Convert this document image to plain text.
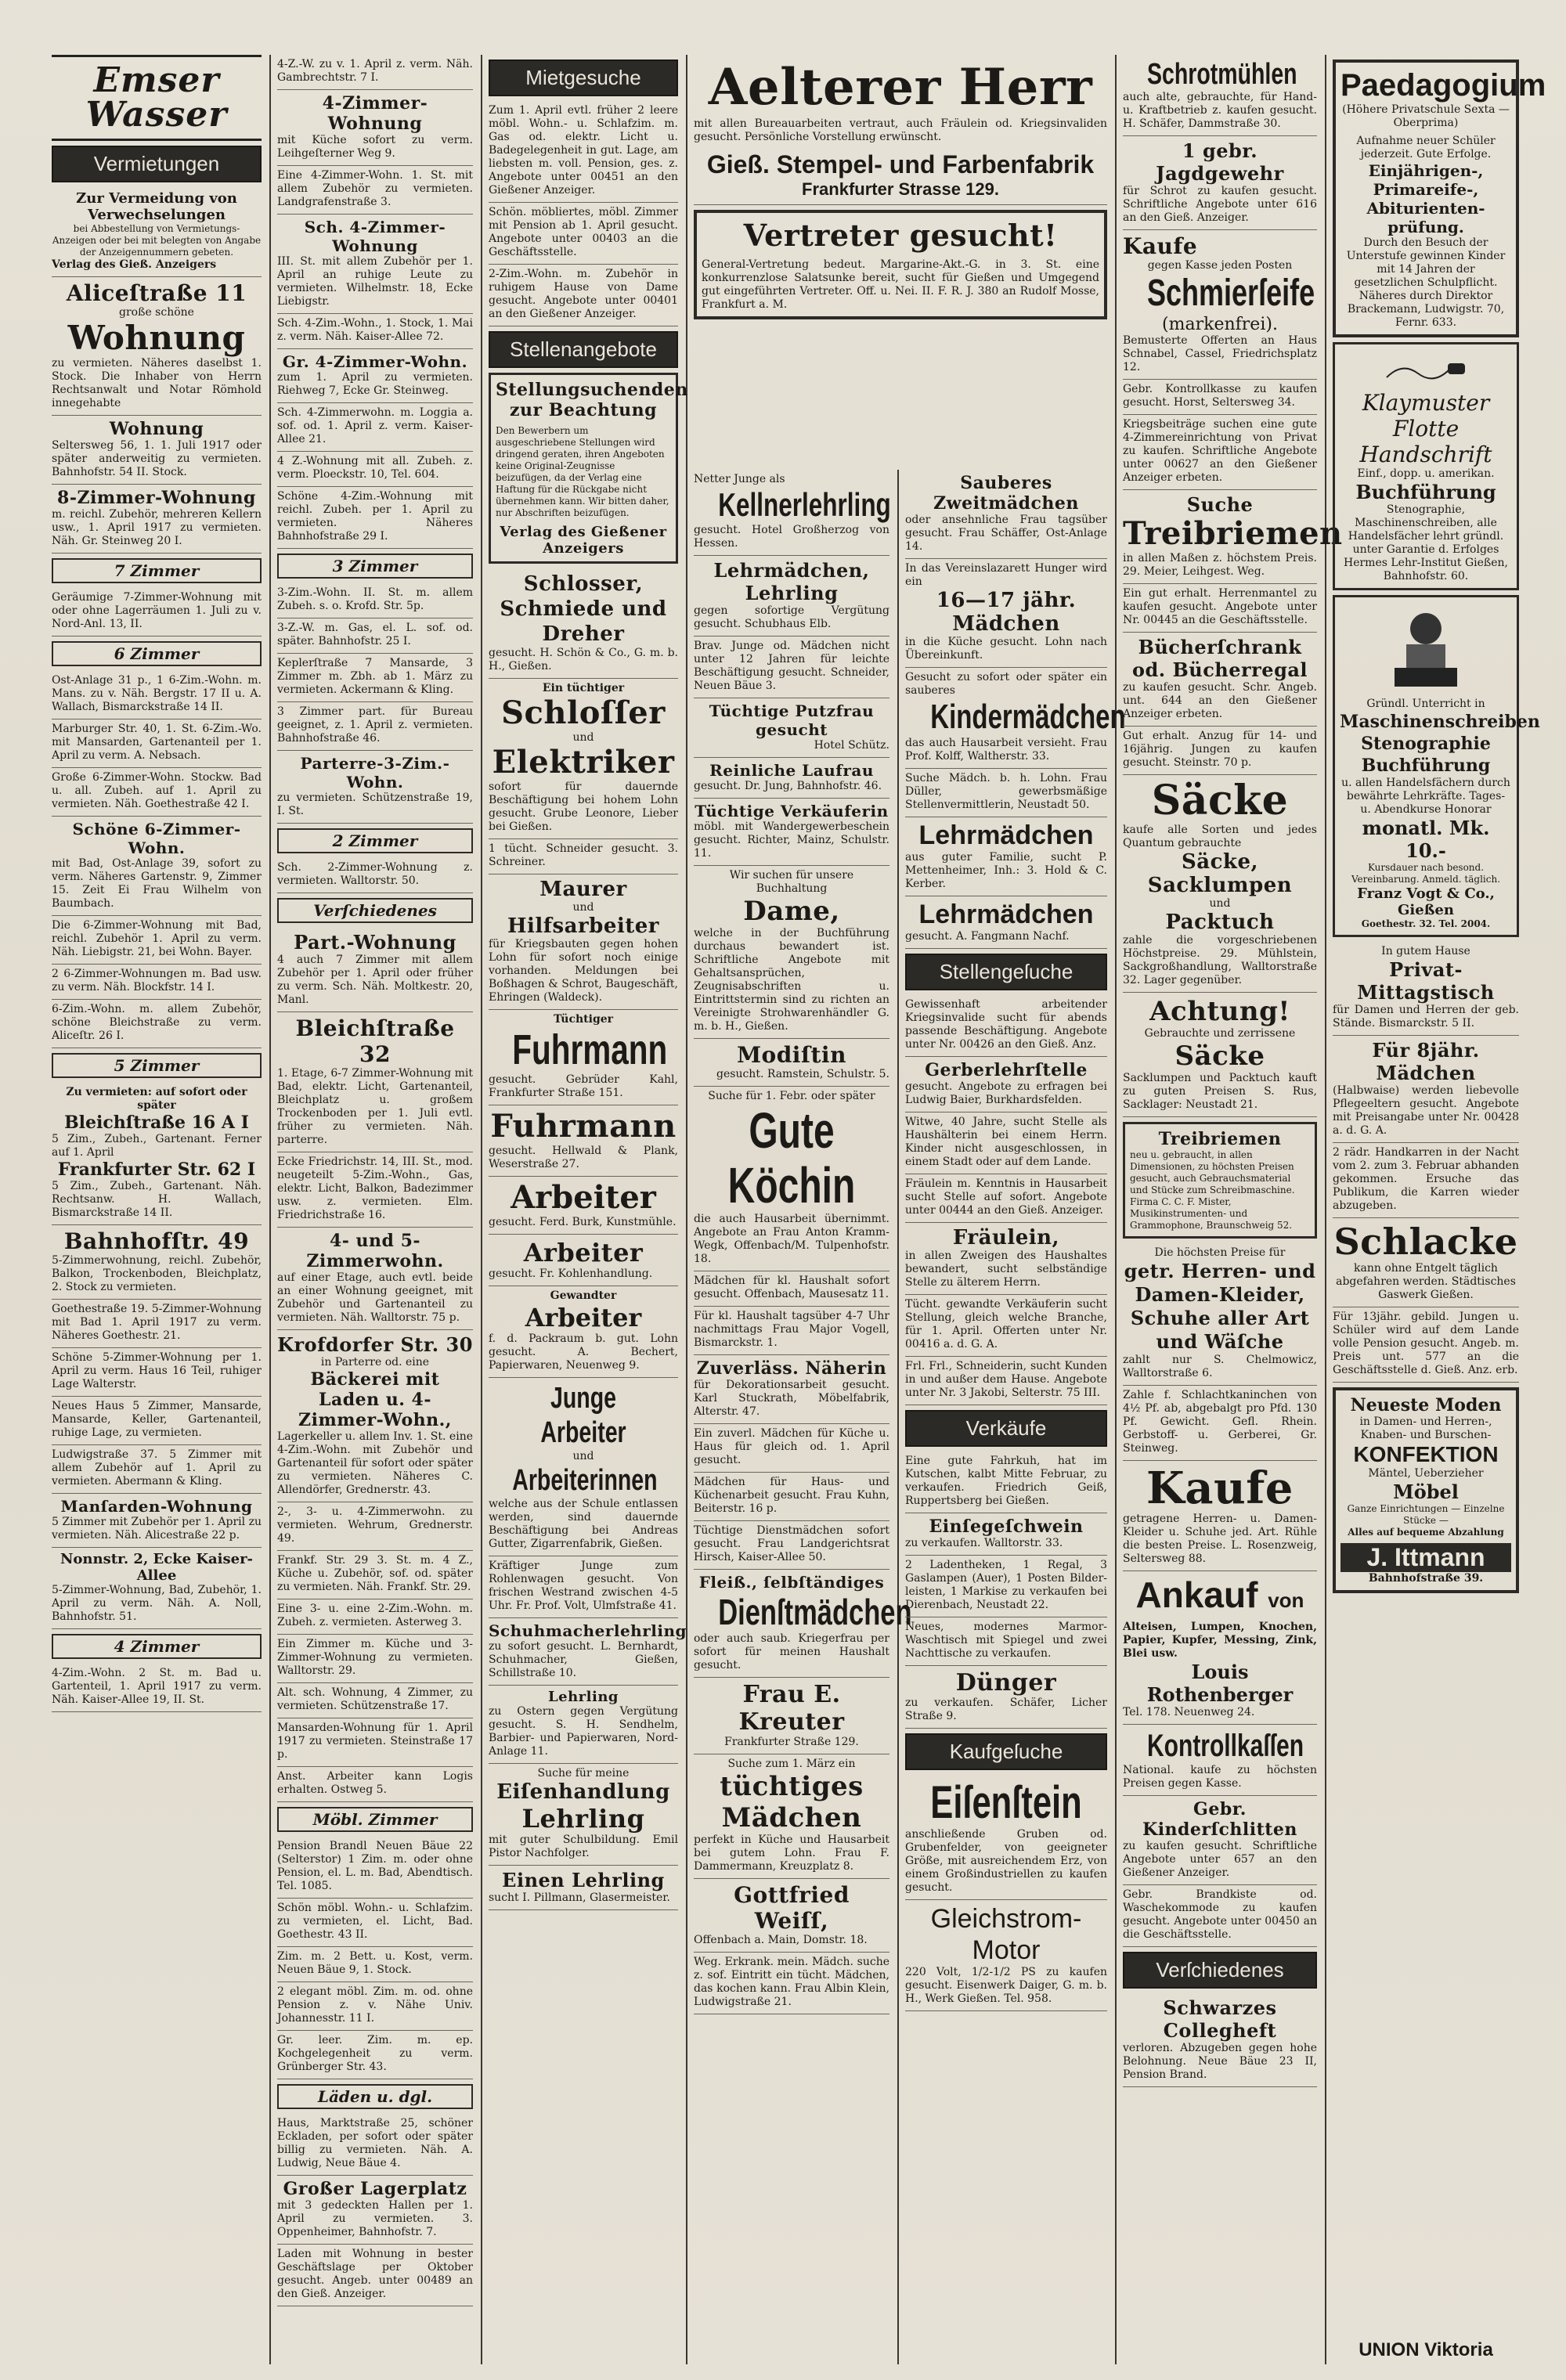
Emser Wasser
Vermietungen
Zur Vermeidung von Verwechselungen
bei Abbestellung von Vermietungs-Anzeigen oder bei mit belegten von Angabe der Anzeigennummern gebeten.
Verlag des Gieß. Anzeigers
Aliceſtraße 11
große schöne
Wohnung
zu vermieten. Näheres daselbst 1. Stock. Die Inhaber von Herrn Rechtsanwalt und Notar Römhold innegehabte
Wohnung
Seltersweg 56, 1. 1. Juli 1917 oder später anderweitig zu vermieten. Bahnhofstr. 54 II. Stock.
8-Zimmer-Wohnung
m. reichl. Zubehör, mehreren Kellern usw., 1. April 1917 zu vermieten. Näh. Gr. Steinweg 20 I.
7 Zimmer
Geräumige 7-Zimmer-Wohnung mit oder ohne Lagerräumen 1. Juli zu v. Nord-Anl. 13, II.
6 Zimmer
Ost-Anlage 31 p., 1 6-Zim.-Wohn. m. Mans. zu v. Näh. Bergstr. 17 II u. A. Wallach, Bismarckstraße 14 II.
Marburger Str. 40, 1. St. 6-Zim.-Wo. mit Mansarden, Gartenanteil per 1. April zu verm. A. Nebsach.
Große 6-Zimmer-Wohn. Stockw. Bad u. all. Zubeh. auf 1. April zu vermieten. Näh. Goethestraße 42 I.
Schöne 6-Zimmer-Wohn.
mit Bad, Ost-Anlage 39, sofort zu verm. Näheres Gartenstr. 9, Zimmer 15. Zeit Ei Frau Wilhelm von Baumbach.
Die 6-Zimmer-Wohnung mit Bad, reichl. Zubehör 1. April zu verm. Näh. Liebigstr. 21, bei Wohn. Bayer.
2 6-Zimmer-Wohnungen m. Bad usw. zu verm. Näh. Blockfstr. 14 I.
6-Zim.-Wohn. m. allem Zubehör, schöne Bleichstraße zu verm. Aliceſtr. 26 I.
5 Zimmer
Zu vermieten: auf sofort oder später
Bleichſtraße 16 A I
5 Zim., Zubeh., Gartenant. Ferner auf 1. April
Frankfurter Str. 62 I
5 Zim., Zubeh., Gartenant. Näh. Rechtsanw. H. Wallach, Bismarckstraße 14 II.
Bahnhofſtr. 49
5-Zimmerwohnung, reichl. Zubehör, Balkon, Trockenboden, Bleichplatz, 2. Stock zu vermieten.
Goethestraße 19. 5-Zimmer-Wohnung mit Bad 1. April 1917 zu verm. Näheres Goethestr. 21.
Schöne 5-Zimmer-Wohnung per 1. April zu verm. Haus 16 Teil, ruhiger Lage Walterstr.
Neues Haus 5 Zimmer, Mansarde, Mansarde, Keller, Gartenanteil, ruhige Lage, zu vermieten.
Ludwigstraße 37. 5 Zimmer mit allem Zubehör auf 1. April zu vermieten. Abermann & Kling.
Manſarden-Wohnung
5 Zimmer mit Zubehör per 1. April zu vermieten. Näh. Alicestraße 22 p.
Nonnstr. 2, Ecke Kaiser-Allee
5-Zimmer-Wohnung, Bad, Zubehör, 1. April zu verm. Näh. A. Noll, Bahnhofstr. 51.
4 Zimmer
4-Zim.-Wohn. 2 St. m. Bad u. Gartenteil, 1. April 1917 zu verm. Näh. Kaiser-Allee 19, II. St.
4-Z.-W. zu v. 1. April z. verm. Näh. Gambrechtstr. 7 I.
4-Zimmer-Wohnung
mit Küche sofort zu verm. Leihgeſterner Weg 9.
Eine 4-Zimmer-Wohn. 1. St. mit allem Zubehör zu vermieten. Landgrafenstraße 3.
Sch. 4-Zimmer-Wohnung
III. St. mit allem Zubehör per 1. April an ruhige Leute zu vermieten. Wilhelmstr. 18, Ecke Liebigstr.
Sch. 4-Zim.-Wohn., 1. Stock, 1. Mai z. verm. Näh. Kaiser-Allee 72.
Gr. 4-Zimmer-Wohn.
zum 1. April zu vermieten. Riehweg 7, Ecke Gr. Steinweg.
Sch. 4-Zimmerwohn. m. Loggia a. sof. od. 1. April z. verm. Kaiser-Allee 21.
4 Z.-Wohnung mit all. Zubeh. z. verm. Ploeckstr. 10, Tel. 604.
Schöne 4-Zim.-Wohnung mit reichl. Zubeh. per 1. April zu vermieten. Näheres Bahnhofstraße 29 I.
3 Zimmer
3-Zim.-Wohn. II. St. m. allem Zubeh. s. o. Krofd. Str. 5p.
3-Z.-W. m. Gas, el. L. sof. od. später. Bahnhofstr. 25 I.
Keplerſtraße 7 Mansarde, 3 Zimmer m. Zbh. ab 1. März zu vermieten. Ackermann & Kling.
3 Zimmer part. für Bureau geeignet, z. 1. April z. vermieten. Bahnhofstraße 46.
Parterre-3-Zim.-Wohn.
zu vermieten. Schützenstraße 19, I. St.
2 Zimmer
Sch. 2-Zimmer-Wohnung z. vermieten. Walltorstr. 50.
Verſchiedenes
Part.-Wohnung
4 auch 7 Zimmer mit allem Zubehör per 1. April oder früher zu verm. Sch. Näh. Moltkestr. 20, Manl.
Bleichſtraße 32
1. Etage, 6-7 Zimmer-Wohnung mit Bad, elektr. Licht, Gartenanteil, Bleichplatz u. großem Trockenboden per 1. Juli evtl. früher zu vermieten. Näh. parterre.
Ecke Friedrichstr. 14, III. St., mod. neugeteilt 5-Zim.-Wohn., Gas, elektr. Licht, Balkon, Badezimmer usw. z. vermieten. Elm. Friedrichstraße 16.
4- und 5-Zimmerwohn.
auf einer Etage, auch evtl. beide an einer Wohnung geeignet, mit Zubehör und Gartenanteil zu vermieten. Näh. Walltorstr. 75 p.
Krofdorfer Str. 30
in Parterre od. eine
Bäckerei mit Laden u. 4-Zimmer-Wohn.,
Lagerkeller u. allem Inv. 1. St. eine 4-Zim.-Wohn. mit Zubehör und Gartenanteil für sofort oder später zu vermieten. Näheres C. Allendörfer, Grednerstr. 43.
2-, 3- u. 4-Zimmerwohn. zu vermieten. Wehrum, Grednerstr. 49.
Frankf. Str. 29 3. St. m. 4 Z., Küche u. Zubehör, sof. od. später zu vermieten. Näh. Frankf. Str. 29.
Eine 3- u. eine 2-Zim.-Wohn. m. Zubeh. z. vermieten. Asterweg 3.
Ein Zimmer m. Küche und 3-Zimmer-Wohnung zu vermieten. Walltorstr. 29.
Alt. sch. Wohnung, 4 Zimmer, zu vermieten. Schützenstraße 17.
Mansarden-Wohnung für 1. April 1917 zu vermieten. Steinstraße 17 p.
Anst. Arbeiter kann Logis erhalten. Ostweg 5.
Möbl. Zimmer
Pension Brandl Neuen Bäue 22 (Selterstor) 1 Zim. m. oder ohne Pension, el. L. m. Bad, Abendtisch. Tel. 1085.
Schön möbl. Wohn.- u. Schlafzim. zu vermieten, el. Licht, Bad. Goethestr. 43 II.
Zim. m. 2 Bett. u. Kost, verm. Neuen Bäue 9, 1. Stock.
2 elegant möbl. Zim. m. od. ohne Pension z. v. Nähe Univ. Johannesstr. 11 I.
Gr. leer. Zim. m. ep. Kochgelegenheit zu verm. Grünberger Str. 43.
Läden u. dgl.
Haus, Marktstraße 25, schöner Eckladen, per sofort oder später billig zu vermieten. Näh. A. Ludwig, Neue Bäue 4.
Großer Lagerplatz
mit 3 gedeckten Hallen per 1. April zu vermieten. 3. Oppenheimer, Bahnhofstr. 7.
Laden mit Wohnung in bester Geschäftslage per Oktober gesucht. Angeb. unter 00489 an den Gieß. Anzeiger.
Mietgesuche
Zum 1. April evtl. früher 2 leere möbl. Wohn.- u. Schlafzim. m. Gas od. elektr. Licht u. Badegelegenheit in gut. Lage, am liebsten m. voll. Pension, ges. z. Angebote unter 00451 an den Gießener Anzeiger.
Schön. möbliertes, möbl. Zimmer mit Pension ab 1. April gesucht. Angebote unter 00403 an die Geschäftsstelle.
2-Zim.-Wohn. m. Zubehör in ruhigem Hause von Dame gesucht. Angebote unter 00401 an den Gießener Anzeiger.
Stellenangebote
Stellungsuchenden zur Beachtung
Den Bewerbern um ausgeschriebene Stellungen wird dringend geraten, ihren Angeboten keine Original-Zeugnisse beizufügen, da der Verlag eine Haftung für die Rückgabe nicht übernehmen kann. Wir bitten daher, nur Abschriften beizufügen.
Verlag des Gießener Anzeigers
Schlosser, Schmiede und Dreher
gesucht. H. Schön & Co., G. m. b. H., Gießen.
Ein tüchtiger
Schloſſer
und
Elektriker
sofort für dauernde Beschäftigung bei hohem Lohn gesucht. Grube Leonore, Lieber bei Gießen.
1 tücht. Schneider gesucht. 3. Schreiner.
Maurer
und
Hilfsarbeiter
für Kriegsbauten gegen hohen Lohn für sofort noch einige vorhanden. Meldungen bei Boßhagen & Schrot, Baugeschäft, Ehringen (Waldeck).
Tüchtiger
Fuhrmann
gesucht. Gebrüder Kahl, Frankfurter Straße 151.
Fuhrmann
gesucht. Hellwald & Plank, Weserstraße 27.
Arbeiter
gesucht. Ferd. Burk, Kunstmühle.
Arbeiter
gesucht. Fr. Kohlenhandlung.
Gewandter
Arbeiter
f. d. Packraum b. gut. Lohn gesucht. A. Bechert, Papierwaren, Neuenweg 9.
Junge Arbeiter
und
Arbeiterinnen
welche aus der Schule entlassen werden, sind dauernde Beschäftigung bei Andreas Gutter, Zigarrenfabrik, Gießen.
Kräftiger Junge zum Rohlenwagen gesucht. Von frischen Westrand zwischen 4-5 Uhr. Fr. Prof. Volt, Ulmfstraße 41.
Schuhmacherlehrling
zu sofort gesucht. L. Bernhardt, Schuhmacher, Gießen, Schillstraße 10.
Lehrling
zu Ostern gegen Vergütung gesucht. S. H. Sendhelm, Barbier- und Papierwaren, Nord-Anlage 11.
Suche für meine
Eiſenhandlung
Lehrling
mit guter Schulbildung. Emil Pistor Nachfolger.
Einen Lehrling
sucht I. Pillmann, Glasermeister.
Aelterer Herr
mit allen Bureauarbeiten vertraut, auch Fräulein od. Kriegsinvaliden gesucht. Persönliche Vorstellung erwünscht.
Gieß. Stempel- und Farbenfabrik
Frankfurter Strasse 129.
Vertreter gesucht!
General-Vertretung bedeut. Margarine-Akt.-G. in 3. St. eine konkurrenzlose Salatsunke bereit, sucht für Gießen und Umgegend gut eingeführten Vertreter. Off. u. Nei. II. F. R. J. 380 an Rudolf Mosse, Frankfurt a. M.
Netter Junge als
Kellnerlehrling
gesucht. Hotel Großherzog von Hessen.
Lehrmädchen, Lehrling
gegen sofortige Vergütung gesucht. Schubhaus Elb.
Brav. Junge od. Mädchen nicht unter 12 Jahren für leichte Beschäftigung gesucht. Schneider, Neuen Bäue 3.
Tüchtige Putzfrau gesucht
Hotel Schütz.
Reinliche Laufrau
gesucht. Dr. Jung, Bahnhofstr. 46.
Tüchtige Verkäuferin
möbl. mit Wandergewerbeschein gesucht. Richter, Mainz, Schulstr. 11.
Wir suchen für unsere Buchhaltung
Dame,
welche in der Buchführung durchaus bewandert ist. Schriftliche Angebote mit Gehaltsansprüchen, Zeugnisabschriften u. Eintrittstermin sind zu richten an Vereinigte Strohwarenhändler G. m. b. H., Gießen.
Modiſtin
gesucht. Ramstein, Schulstr. 5.
Suche für 1. Febr. oder später
Gute Köchin
die auch Hausarbeit übernimmt. Angebote an Frau Anton Kramm-Wegk, Offenbach/M. Tulpenhofstr. 18.
Mädchen für kl. Haushalt sofort gesucht. Offenbach, Mausesatz 11.
Für kl. Haushalt tagsüber 4-7 Uhr nachmittags Frau Major Vogell, Bismarckstr. 1.
Zuverläss. Näherin
für Dekorationsarbeit gesucht. Karl Stuckrath, Möbelfabrik, Alterstr. 47.
Ein zuverl. Mädchen für Küche u. Haus für gleich od. 1. April gesucht.
Mädchen für Haus- und Küchenarbeit gesucht. Frau Kuhn, Beiterstr. 16 p.
Tüchtige Dienstmädchen sofort gesucht. Frau Landgerichtsrat Hirsch, Kaiser-Allee 50.
Fleiß., ſelbſtändiges
Dienſtmädchen
oder auch saub. Kriegerfrau per sofort für meinen Haushalt gesucht.
Frau E. Kreuter
Frankfurter Straße 129.
Suche zum 1. März ein
tüchtiges Mädchen
perfekt in Küche und Hausarbeit bei gutem Lohn. Frau F. Dammermann, Kreuzplatz 8.
Gottfried Weiſſ,
Offenbach a. Main, Domstr. 18.
Weg. Erkrank. mein. Mädch. suche z. sof. Eintritt ein tücht. Mädchen, das kochen kann. Frau Albin Klein, Ludwigstraße 21.
Sauberes Zweitmädchen
oder ansehnliche Frau tagsüber gesucht. Frau Schäffer, Ost-Anlage 14.
In das Vereinslazarett Hunger wird ein
16—17 jähr. Mädchen
in die Küche gesucht. Lohn nach Übereinkunft.
Gesucht zu sofort oder später ein sauberes
Kindermädchen
das auch Hausarbeit versieht. Frau Prof. Kolff, Waltherstr. 33.
Suche Mädch. b. h. Lohn. Frau Düller, gewerbsmäßige Stellenvermittlerin, Neustadt 50.
Lehrmädchen
aus guter Familie, sucht P. Mettenheimer, Inh.: 3. Hold & C. Kerber.
Lehrmädchen
gesucht. A. Fangmann Nachf.
Stellengeſuche
Gewissenhaft arbeitender Kriegsinvalide sucht für abends passende Beschäftigung. Angebote unter Nr. 00426 an den Gieß. Anz.
Gerberlehrſtelle
gesucht. Angebote zu erfragen bei Ludwig Baier, Burkhardsfelden.
Witwe, 40 Jahre, sucht Stelle als Haushälterin bei einem Herrn. Kinder nicht ausgeschlossen, in einem Stadt oder auf dem Lande.
Fräulein m. Kenntnis in Hausarbeit sucht Stelle auf sofort. Angebote unter 00444 an den Gieß. Anzeiger.
Fräulein,
in allen Zweigen des Haushaltes bewandert, sucht selbständige Stelle zu älterem Herrn.
Tücht. gewandte Verkäuferin sucht Stellung, gleich welche Branche, für 1. April. Offerten unter Nr. 00416 a. d. G. A.
Frl. Frl., Schneiderin, sucht Kunden in und außer dem Hause. Angebote unter Nr. 3 Jakobi, Selterstr. 75 III.
Verkäufe
Eine gute Fahrkuh, hat im Kutschen, kalbt Mitte Februar, zu verkaufen. Friedrich Geiß, Ruppertsberg bei Gießen.
Einſegeſchwein
zu verkaufen. Walltorstr. 33.
2 Ladentheken, 1 Regal, 3 Gaslampen (Auer), 1 Posten Bilder-leisten, 1 Markise zu verkaufen bei Dierenbach, Neustadt 22.
Neues, modernes Marmor-Waschtisch mit Spiegel und zwei Nachttische zu verkaufen.
Dünger
zu verkaufen. Schäfer, Licher Straße 9.
Kaufgeſuche
Eiſenſtein
anschließende Gruben od. Grubenfelder, von geeigneter Größe, mit ausreichendem Erz, von einem Großindustriellen zu kaufen gesucht.
Gleichstrom-Motor
220 Volt, 1/2-1/2 PS zu kaufen gesucht. Eisenwerk Daiger, G. m. b. H., Werk Gießen. Tel. 958.
Schrotmühlen
auch alte, gebrauchte, für Hand- u. Kraftbetrieb z. kaufen gesucht. H. Schäfer, Dammstraße 30.
1 gebr. Jagdgewehr
für Schrot zu kaufen gesucht. Schriftliche Angebote unter 616 an den Gieß. Anzeiger.
Kaufe
gegen Kasse jeden Posten
Schmierſeife
(markenfrei).
Bemusterte Offerten an Haus Schnabel, Cassel, Friedrichsplatz 12.
Gebr. Kontrollkasse zu kaufen gesucht. Horst, Seltersweg 34.
Kriegsbeiträge suchen eine gute 4-Zimmereinrichtung von Privat zu kaufen. Schriftliche Angebote unter 00627 an den Gießener Anzeiger erbeten.
Suche
Treibriemen
in allen Maßen z. höchstem Preis. 29. Meier, Leihgest. Weg.
Ein gut erhalt. Herrenmantel zu kaufen gesucht. Angebote unter Nr. 00445 an die Geschäftsstelle.
Bücherſchrank od. Bücherregal
zu kaufen gesucht. Schr. Angeb. unt. 644 an den Gießener Anzeiger erbeten.
Gut erhalt. Anzug für 14- und 16jährig. Jungen zu kaufen gesucht. Steinstr. 70 p.
Säcke
kaufe alle Sorten und jedes Quantum gebrauchte
Säcke, Sacklumpen
und
Packtuch
zahle die vorgeschriebenen Höchstpreise. 29. Mühlstein, Sackgroßhandlung, Walltorstraße 32. Lager gegenüber.
Achtung!
Gebrauchte und zerrissene
Säcke
Sacklumpen und Packtuch kauft zu guten Preisen S. Rus, Sacklager: Neustadt 21.
Treibriemen
neu u. gebraucht, in allen Dimensionen, zu höchsten Preisen gesucht, auch Gebrauchsmaterial und Stücke zum Schreibmaschine. Firma C. C. F. Mister, Musikinstrumenten- und Grammophone, Braunschweig 52.
Die höchsten Preise für
getr. Herren- und Damen-Kleider, Schuhe aller Art und Wäſche
zahlt nur S. Chelmowicz, Walltorstraße 6.
Zahle f. Schlachtkaninchen von 4½ Pf. ab, abgebalgt pro Pfd. 130 Pf. Gewicht. Gefl. Rhein. Gerbstoff- u. Gerberei, Gr. Steinweg.
Kaufe
getragene Herren- u. Damen-Kleider u. Schuhe jed. Art. Rühle die besten Preise. L. Rosenzweig, Seltersweg 88.
Ankauf von
Alteisen, Lumpen, Knochen, Papier, Kupfer, Messing, Zink, Blei usw.
Louis Rothenberger
Tel. 178. Neuenweg 24.
Kontrollkaſſen
National. kaufe zu höchsten Preisen gegen Kasse.
Gebr. Kinderſchlitten
zu kaufen gesucht. Schriftliche Angebote unter 657 an den Gießener Anzeiger.
Gebr. Brandkiste od. Waschekommode zu kaufen gesucht. Angebote unter 00450 an die Geschäftsstelle.
Verſchiedenes
Schwarzes Collegheft
verloren. Abzugeben gegen hohe Belohnung. Neue Bäue 23 II, Pension Brand.
Paedagogium
(Höhere Privatschule Sexta — Oberprima)
Aufnahme neuer Schüler jederzeit. Gute Erfolge.
Einjährigen-, Primareife-, Abiturienten-prüfung.
Durch den Besuch der Unterstufe gewinnen Kinder mit 14 Jahren der gesetzlichen Schulpflicht. Näheres durch Direktor Brackemann, Ludwigstr. 70, Fernr. 633.
Klaymuster
Flotte Handschrift
Einf., dopp. u. amerikan.
Buchführung
Stenographie, Maschinenschreiben, alle Handelsfächer lehrt gründl. unter Garantie d. Erfolges Hermes Lehr-Institut Gießen, Bahnhofstr. 60.
Gründl. Unterricht in
Maschinenschreiben Stenographie Buchführung
u. allen Handelsfächern durch bewährte Lehrkräfte. Tages- u. Abendkurse Honorar
monatl. Mk. 10.-
Kursdauer nach besond. Vereinbarung. Anmeld. täglich.
Franz Vogt & Co., Gießen
Goethestr. 32. Tel. 2004.
In gutem Hause
Privat-Mittagstisch
für Damen und Herren der geb. Stände. Bismarckstr. 5 II.
Für 8jähr. Mädchen
(Halbwaise) werden liebevolle Pflegeeltern gesucht. Angebote mit Preisangabe unter Nr. 00428 a. d. G. A.
2 rädr. Handkarren in der Nacht vom 2. zum 3. Februar abhanden gekommen. Ersuche das Publikum, die Karren wieder abzugeben.
Schlacke
kann ohne Entgelt täglich abgefahren werden. Städtisches Gaswerk Gießen.
Für 13jähr. gebild. Jungen u. Schüler wird auf dem Lande volle Pension gesucht. Angeb. m. Preis unt. 577 an die Geschäftsstelle d. Gieß. Anz. erb.
Neueste Moden
in Damen- und Herren-, Knaben- und Burschen-
KONFEKTION
Mäntel, Ueberzieher
Möbel
Ganze Einrichtungen — Einzelne Stücke —
Alles auf bequeme Abzahlung
J. Ittmann
Bahnhofstraße 39.
UNION Viktoria
